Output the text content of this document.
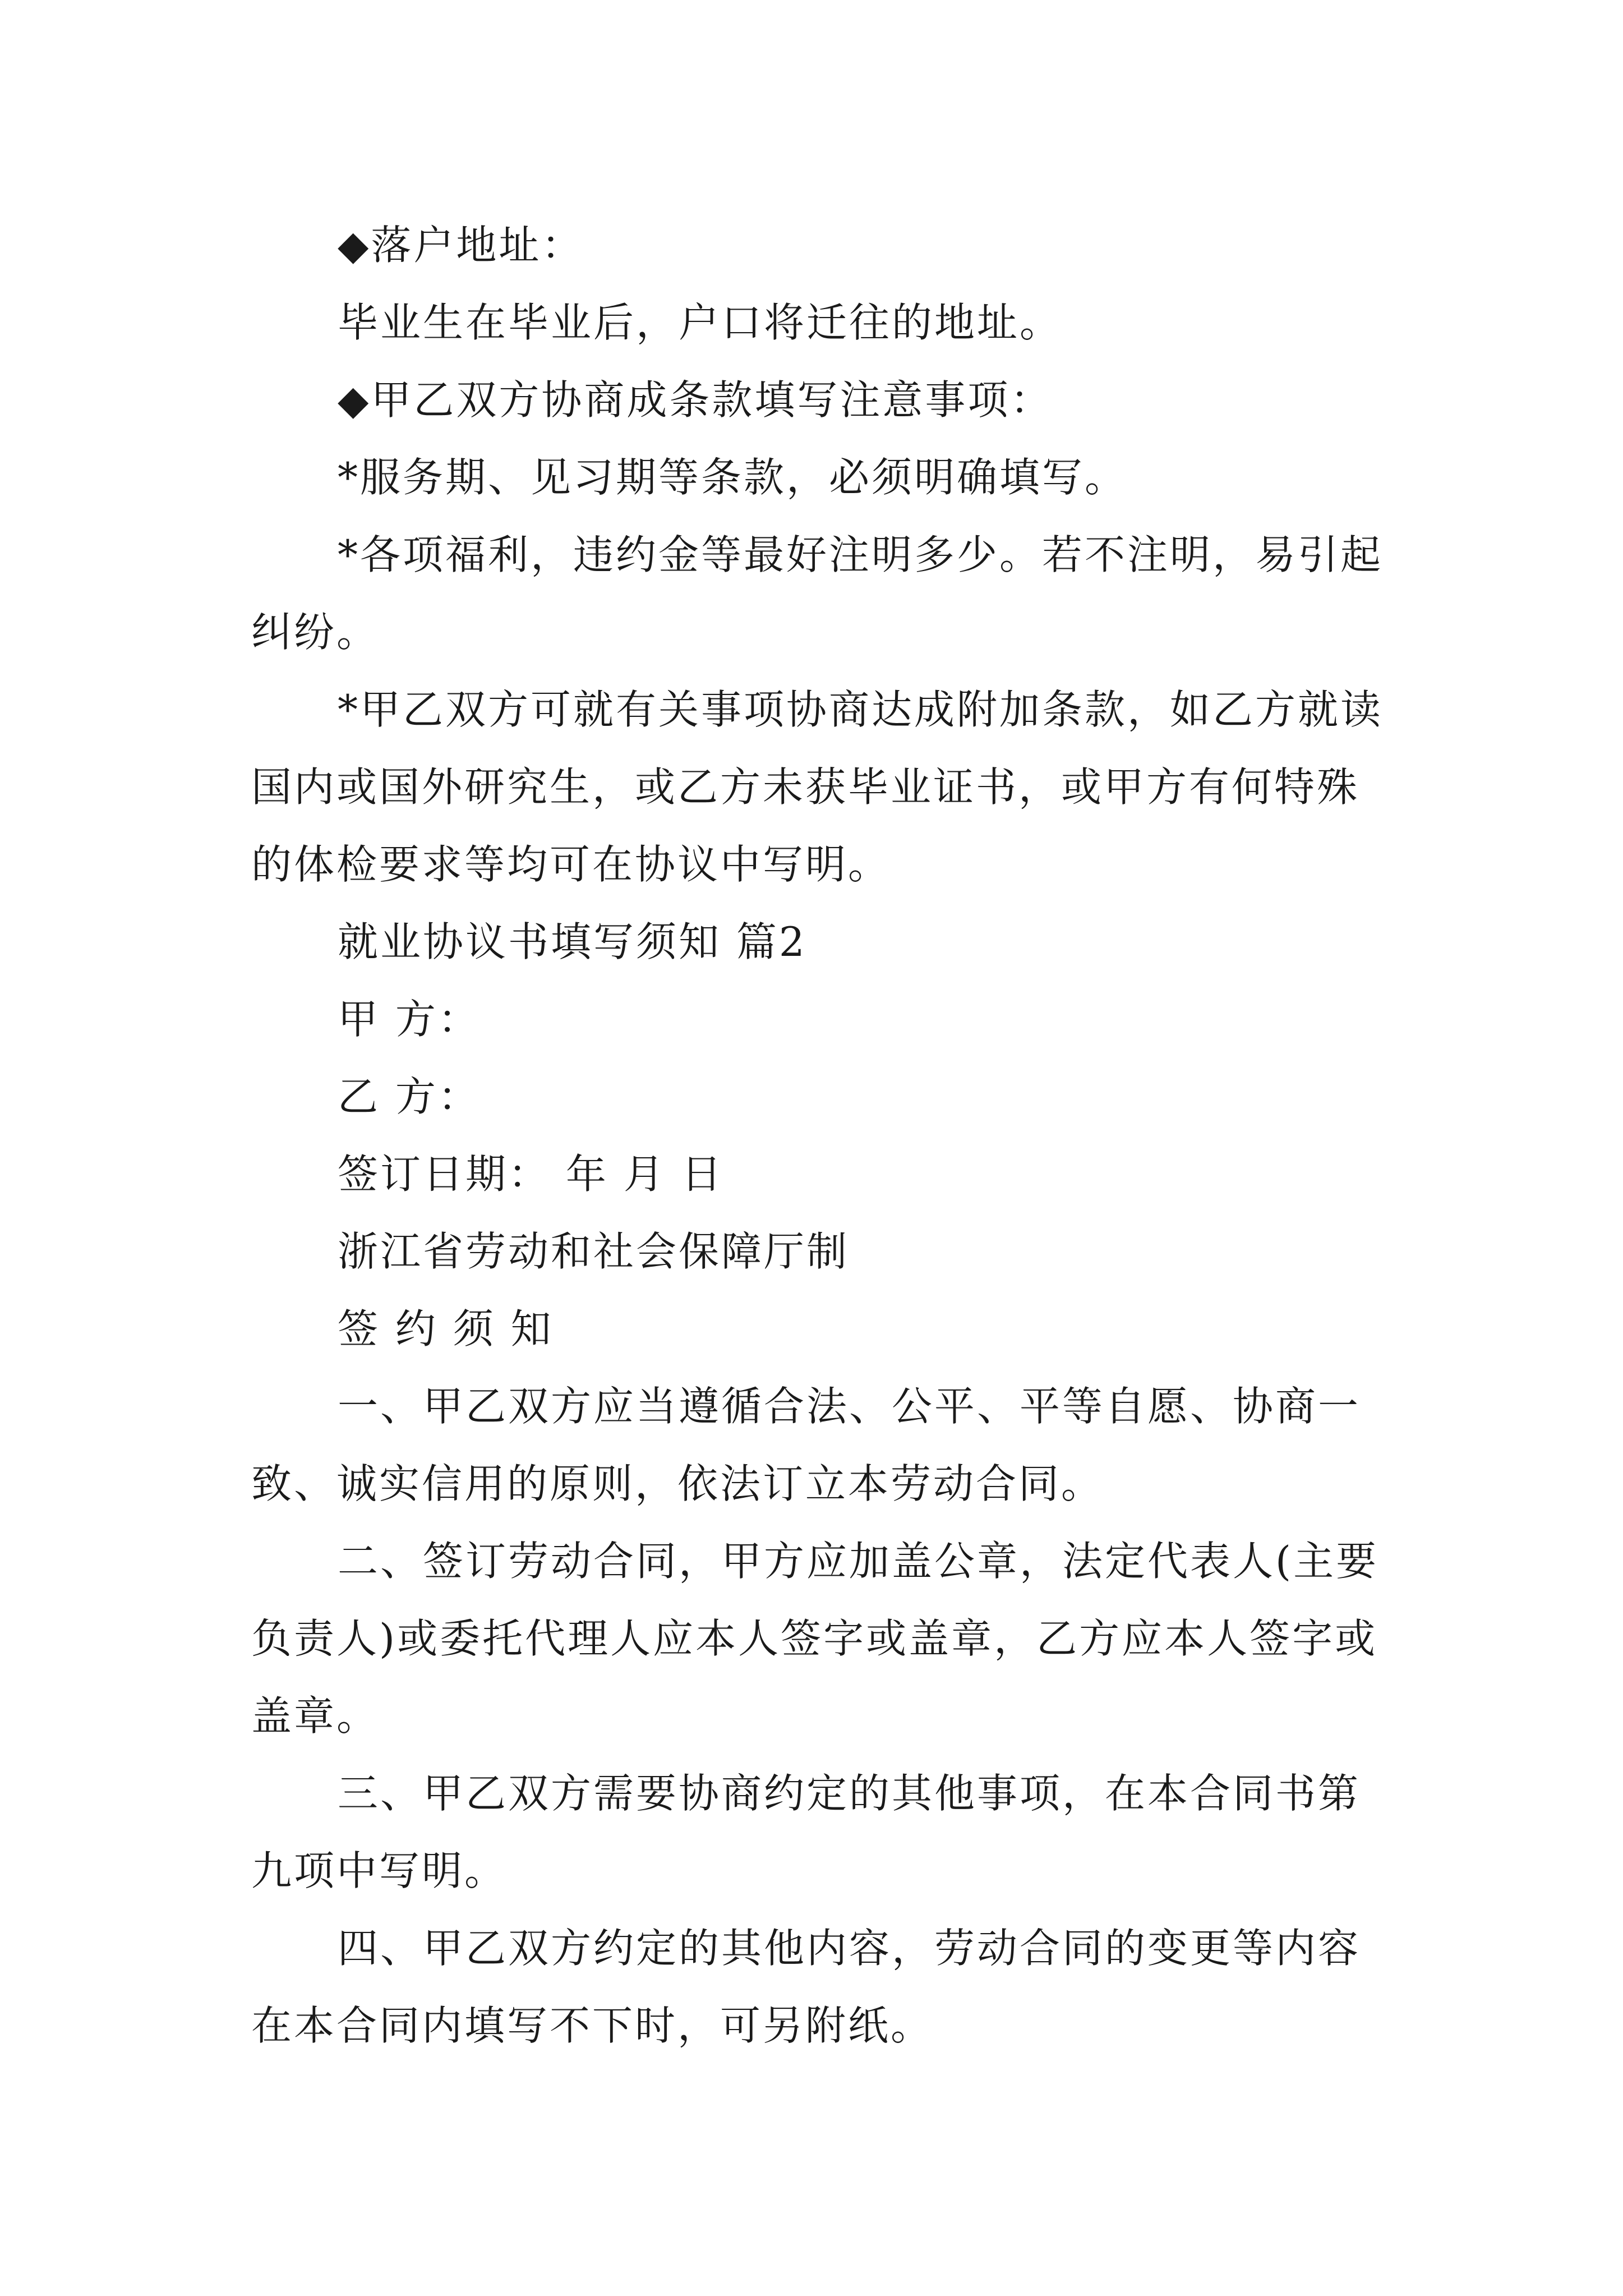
◆落户地址：

毕业生在毕业后，户口将迁往的地址。

◆甲乙双方协商成条款填写注意事项：

*服务期、见习期等条款，必须明确填写。

*各项福利，违约金等最好注明多少。若不注明，易引起纠纷。

*甲乙双方可就有关事项协商达成附加条款，如乙方就读国内或国外研究生，或乙方未获毕业证书，或甲方有何特殊的体检要求等均可在协议中写明。

就业协议书填写须知 篇2

甲 方：

乙 方：

签订日期： 年 月 日

浙江省劳动和社会保障厅制

签 约 须 知

一、甲乙双方应当遵循合法、公平、平等自愿、协商一致、诚实信用的原则，依法订立本劳动合同。

二、签订劳动合同，甲方应加盖公章，法定代表人(主要负责人)或委托代理人应本人签字或盖章，乙方应本人签字或盖章。

三、甲乙双方需要协商约定的其他事项，在本合同书第九项中写明。

四、甲乙双方约定的其他内容，劳动合同的变更等内容在本合同内填写不下时，可另附纸。
